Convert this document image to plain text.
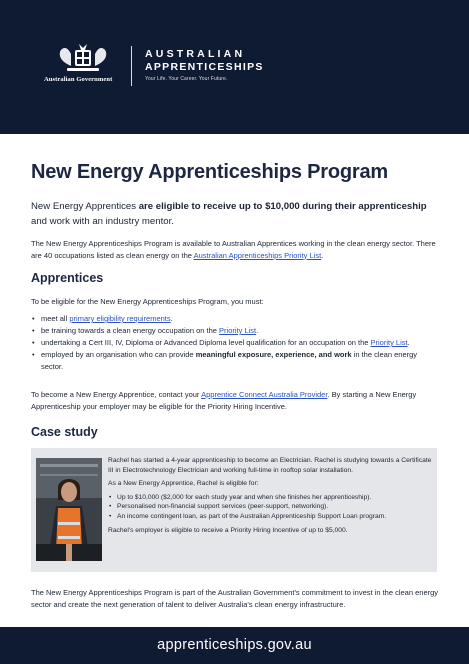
Australian Government
AUSTRALIAN
APPRENTICESHIPS
Your Life. Your Career. Your Future.
New Energy Apprenticeships Program

New Energy Apprentices are eligible to receive up to $10,000 during their apprenticeship and work with an industry mentor.

The New Energy Apprenticeships Program is available to Australian Apprentices working in the clean energy sector. There are 40 occupations listed as clean energy on the Australian Apprenticeships Priority List.

Apprentices

To be eligible for the New Energy Apprenticeships Program, you must:

• meet all primary eligibility requirements.
• be training towards a clean energy occupation on the Priority List.
• undertaking a Cert III, IV, Diploma or Advanced Diploma level qualification for an occupation on the Priority List.
• employed by an organisation who can provide meaningful exposure, experience, and work in the clean energy sector.

To become a New Energy Apprentice, contact your Apprentice Connect Australia Provider. By starting a New Energy Apprenticeship your employer may be eligible for the Priority Hiring Incentive.

Case study

Rachel has started a 4-year apprenticeship to become an Electrician. Rachel is studying towards a Certificate III in Electrotechnology Electrician and working full-time in rooftop solar installation.

As a New Energy Apprentice, Rachel is eligible for:

• Up to $10,000 ($2,000 for each study year and when she finishes her apprenticeship).
• Personalised non-financial support services (peer-support, networking).
• An income contingent loan, as part of the Australian Apprenticeship Support Loan program.

Rachel's employer is eligible to receive a Priority Hiring Incentive of up to $5,000.

The New Energy Apprenticeships Program is part of the Australian Government's commitment to invest in the clean energy sector and create the next generation of talent to deliver Australia's clean energy infrastructure.

apprenticeships.gov.au
